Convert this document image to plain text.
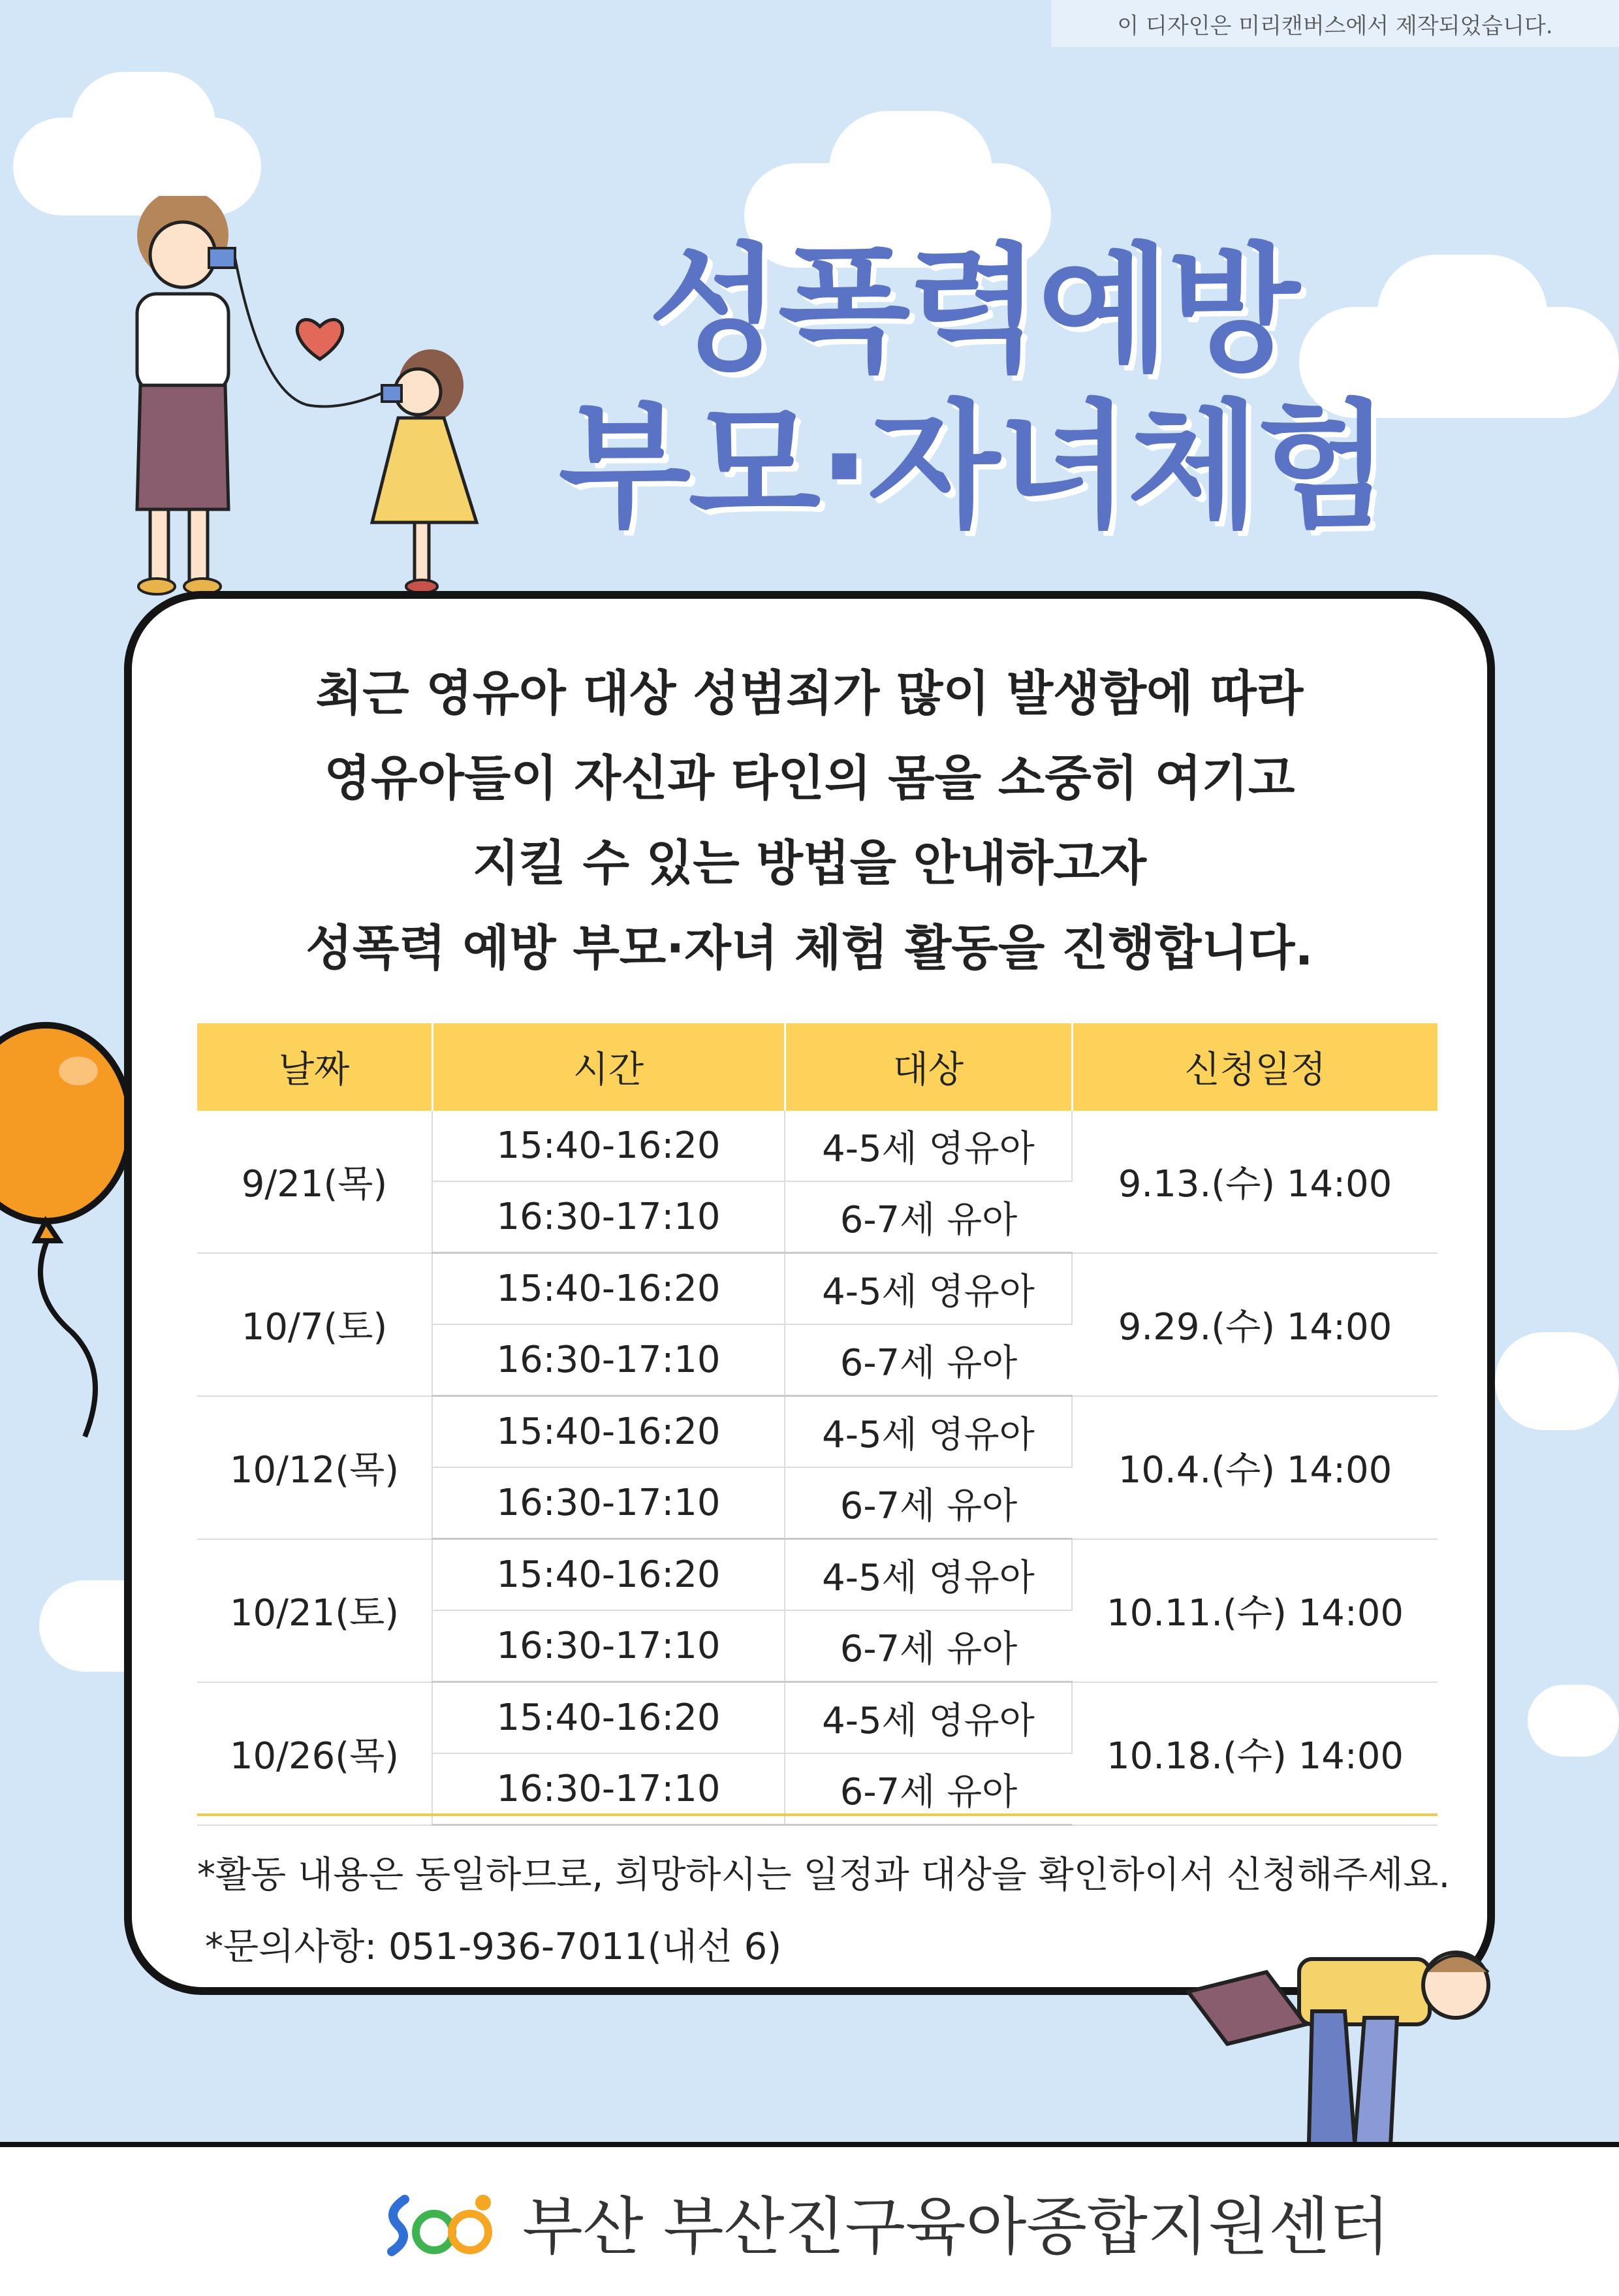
이 디자인은 미리캔버스에서 제작되었습니다.
성폭력예방
부모·자녀체험
최근 영유아 대상 성범죄가 많이 발생함에 따라
영유아들이 자신과 타인의 몸을 소중히 여기고
지킬 수 있는 방법을 안내하고자
성폭력 예방 부모·자녀 체험 활동을 진행합니다.
날짜	시간	대상	신청일정
9/21(목)	15:40-16:20	4-5세 영유아	9.13.(수) 14:00
	16:30-17:10	6-7세 유아	
10/7(토)	15:40-16:20	4-5세 영유아	9.29.(수) 14:00
	16:30-17:10	6-7세 유아	
10/12(목)	15:40-16:20	4-5세 영유아	10.4.(수) 14:00
	16:30-17:10	6-7세 유아	
10/21(토)	15:40-16:20	4-5세 영유아	10.11.(수) 14:00
	16:30-17:10	6-7세 유아	
10/26(목)	15:40-16:20	4-5세 영유아	10.18.(수) 14:00
	16:30-17:10	6-7세 유아	
*활동 내용은 동일하므로, 희망하시는 일정과 대상을 확인하이서 신청해주세요.
*문의사항: 051-936-7011(내선 6)
부산 부산진구육아종합지원센터
